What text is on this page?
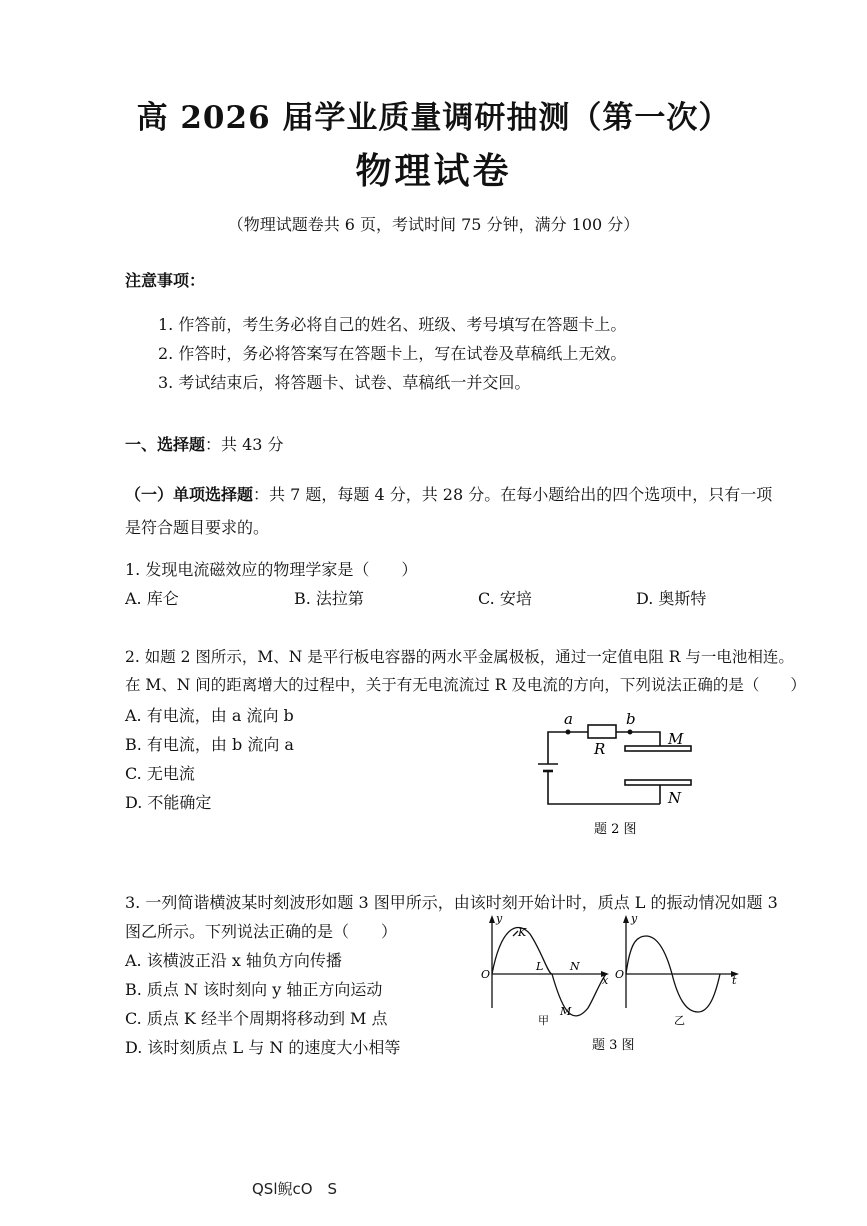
高 2026 届学业质量调研抽测（第一次）
物理试卷
（物理试题卷共 6 页，考试时间 75 分钟，满分 100 分）
注意事项：
1. 作答前，考生务必将自己的姓名、班级、考号填写在答题卡上。
2. 作答时，务必将答案写在答题卡上，写在试卷及草稿纸上无效。
3. 考试结束后，将答题卡、试卷、草稿纸一并交回。
一、选择题：共 43 分
（一）单项选择题：共 7 题，每题 4 分，共 28 分。在每小题给出的四个选项中，只有一项
是符合题目要求的。
1. 发现电流磁效应的物理学家是（　　）
A. 库仑	B. 法拉第	C. 安培	D. 奥斯特
2. 如题 2 图所示，M、N 是平行板电容器的两水平金属极板，通过一定值电阻 R 与一电池相连。
在 M、N 间的距离增大的过程中，关于有无电流流过 R 及电流的方向，下列说法正确的是（　　）
A. 有电流，由 a 流向 b
B. 有电流，由 b 流向 a
C. 无电流
D. 不能确定
a	b
R
M
N
题 2 图
3. 一列简谐横波某时刻波形如题 3 图甲所示，由该时刻开始计时，质点 L 的振动情况如题 3
图乙所示。下列说法正确的是（　　）
A. 该横波正沿 x 轴负方向传播
B. 质点 N 该时刻向 y 轴正方向运动
C. 质点 K 经半个周期将移动到 M 点
D. 该时刻质点 L 与 N 的速度大小相等
y
O
K
L N
M
x
甲
y
O	t
乙
题 3 图
QSl鲵cO　S
